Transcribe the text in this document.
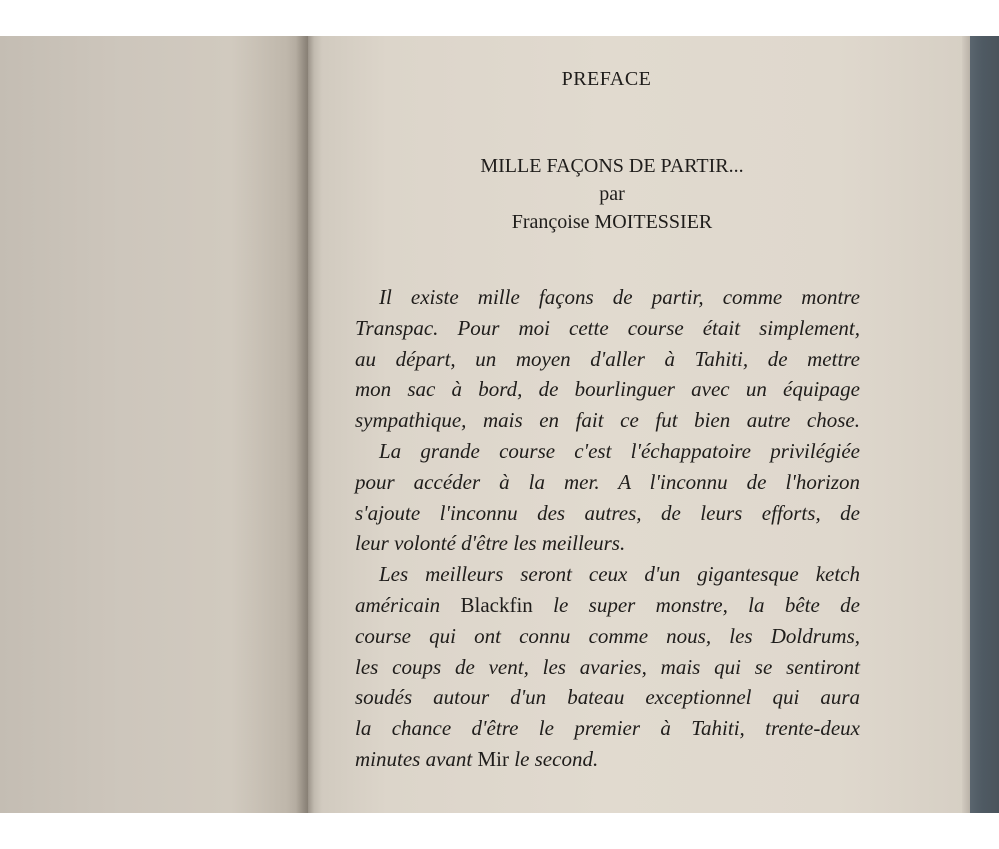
PREFACE
MILLE FAÇONS DE PARTIR...
par
Françoise MOITESSIER

Il existe mille façons de partir, comme montre
Transpac. Pour moi cette course était simplement,
au départ, un moyen d'aller à Tahiti, de mettre
mon sac à bord, de bourlinguer avec un équipage
sympathique, mais en fait ce fut bien autre chose.

La grande course c'est l'échappatoire privilégiée
pour accéder à la mer. A l'inconnu de l'horizon
s'ajoute l'inconnu des autres, de leurs efforts, de
leur volonté d'être les meilleurs.

Les meilleurs seront ceux d'un gigantesque ketch
américain Blackfin le super monstre, la bête de
course qui ont connu comme nous, les Doldrums,
les coups de vent, les avaries, mais qui se sentiront
soudés autour d'un bateau exceptionnel qui aura
la chance d'être le premier à Tahiti, trente-deux
minutes avant Mir le second.
